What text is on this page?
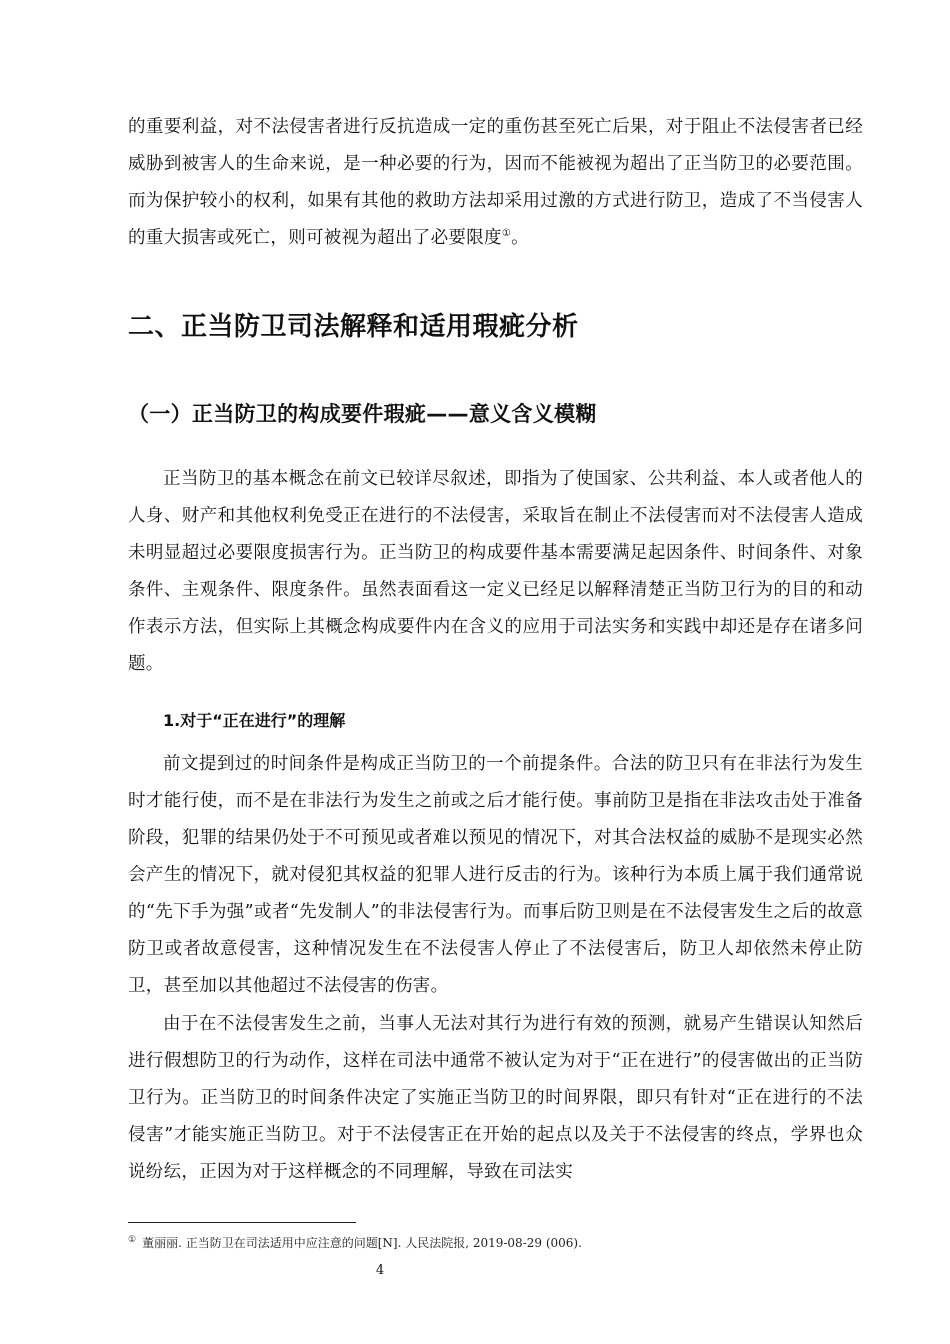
的重要利益，对不法侵害者进行反抗造成一定的重伤甚至死亡后果，对于阻止不法侵害者已经威胁到被害人的生命来说，是一种必要的行为，因而不能被视为超出了正当防卫的必要范围。而为保护较小的权利，如果有其他的救助方法却采用过激的方式进行防卫，造成了不当侵害人的重大损害或死亡，则可被视为超出了必要限度①。

二、正当防卫司法解释和适用瑕疵分析
（一）正当防卫的构成要件瑕疵——意义含义模糊

正当防卫的基本概念在前文已较详尽叙述，即指为了使国家、公共利益、本人或者他人的人身、财产和其他权利免受正在进行的不法侵害，采取旨在制止不法侵害而对不法侵害人造成未明显超过必要限度损害行为。正当防卫的构成要件基本需要满足起因条件、时间条件、对象条件、主观条件、限度条件。虽然表面看这一定义已经足以解释清楚正当防卫行为的目的和动作表示方法，但实际上其概念构成要件内在含义的应用于司法实务和实践中却还是存在诸多问题。

1.对于“正在进行”的理解

前文提到过的时间条件是构成正当防卫的一个前提条件。合法的防卫只有在非法行为发生时才能行使，而不是在非法行为发生之前或之后才能行使。事前防卫是指在非法攻击处于准备阶段，犯罪的结果仍处于不可预见或者难以预见的情况下，对其合法权益的威胁不是现实必然会产生的情况下，就对侵犯其权益的犯罪人进行反击的行为。该种行为本质上属于我们通常说的“先下手为强”或者“先发制人”的非法侵害行为。而事后防卫则是在不法侵害发生之后的故意防卫或者故意侵害，这种情况发生在不法侵害人停止了不法侵害后，防卫人却依然未停止防卫，甚至加以其他超过不法侵害的伤害。

由于在不法侵害发生之前，当事人无法对其行为进行有效的预测，就易产生错误认知然后进行假想防卫的行为动作，这样在司法中通常不被认定为对于“正在进行”的侵害做出的正当防卫行为。正当防卫的时间条件决定了实施正当防卫的时间界限，即只有针对“正在进行的不法侵害”才能实施正当防卫。对于不法侵害正在开始的起点以及关于不法侵害的终点，学界也众说纷纭，正因为对于这样概念的不同理解，导致在司法实

① 董丽丽. 正当防卫在司法适用中应注意的问题[N]. 人民法院报, 2019-08-29 (006).
4
